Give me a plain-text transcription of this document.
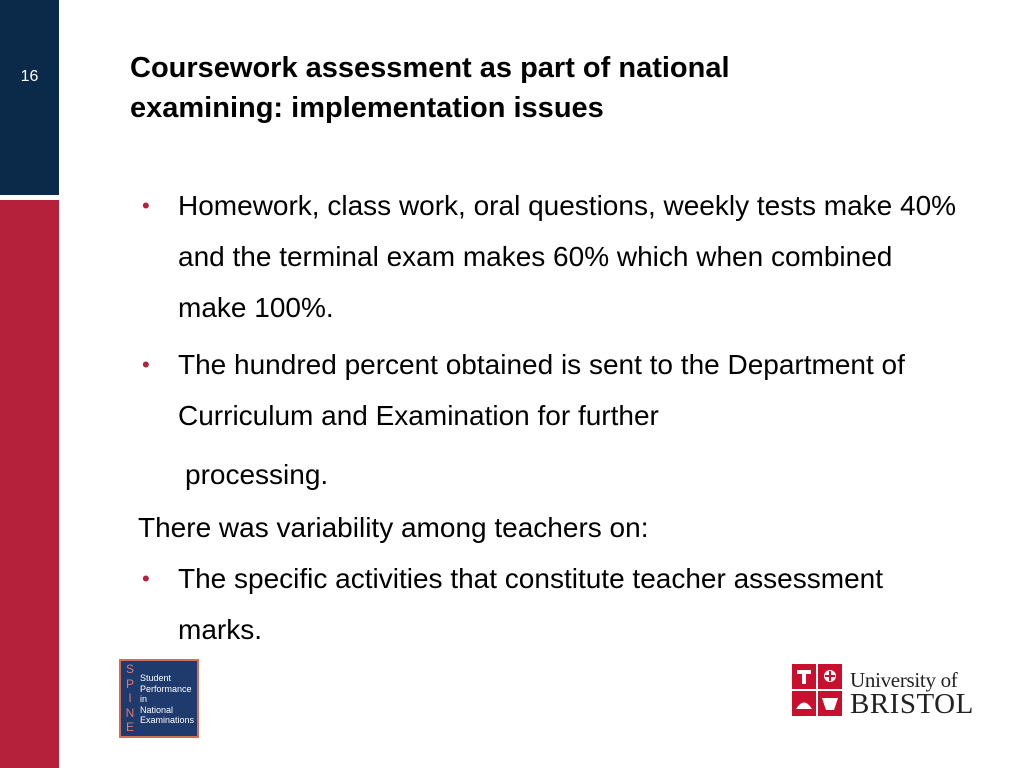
16	Coursework assessment as part of national
examining: implementation issues
• Homework, class work, oral questions, weekly tests make 40% and the terminal exam makes 60% which when combined make 100%.
• The hundred percent obtained is sent to the Department of Curriculum and Examination for further
processing.
There was variability among teachers on:
• The specific activities that constitute teacher assessment marks.
S
P
I
N
E
Student
Performance
in
National
Examinations
University of
BRISTOL
